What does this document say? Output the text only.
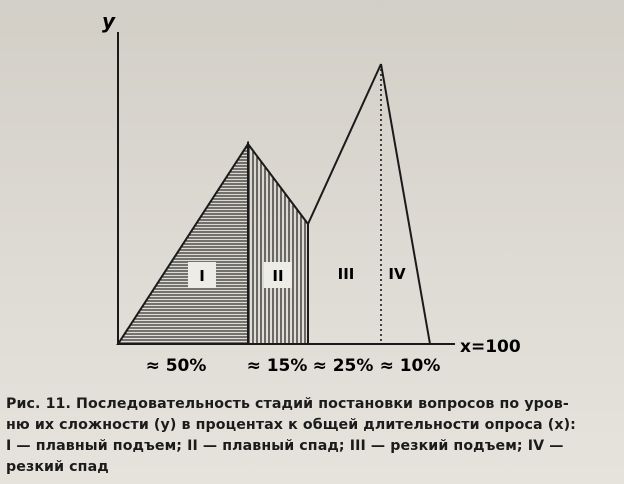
y
x=100
I	II	III IV
≈ 50% ≈ 15% ≈ 25% ≈ 10%
Рис. 11. Последовательность стадий постановки вопросов по уров-
ню их сложности (y) в процентах к общей длительности опроса (x):
I — плавный подъем; II — плавный спад; III — резкий подъем; IV —
резкий спад
